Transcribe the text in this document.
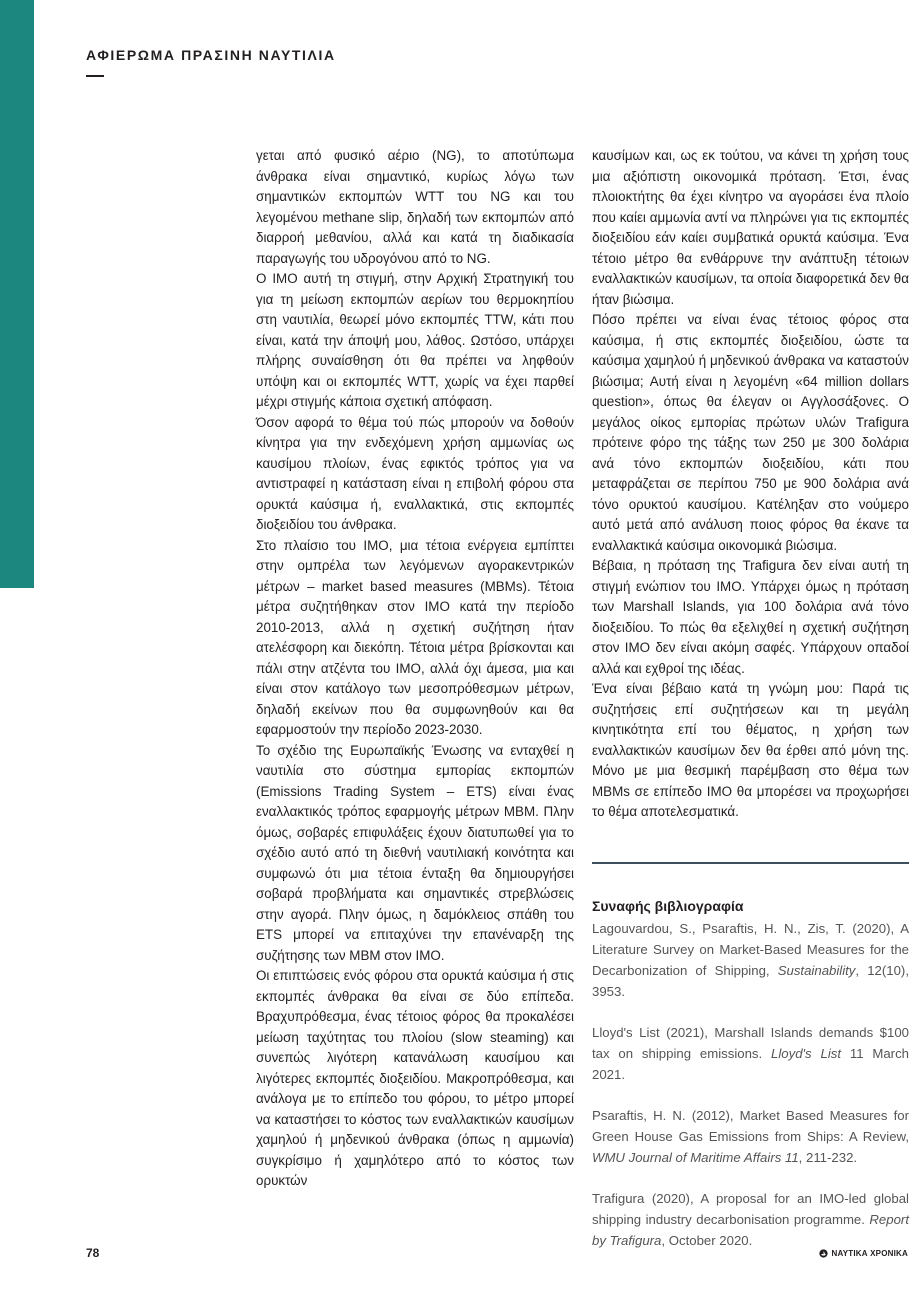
ΑΦΙΕΡΩΜΑ ΠΡΑΣΙΝΗ ΝΑΥΤΙΛΙΑ

γεται από φυσικό αέριο (NG), το αποτύπωμα άνθρακα είναι σημαντικό, κυρίως λόγω των σημαντικών εκπομπών WTT του NG και του λεγομένου methane slip, δηλαδή των εκπομπών από διαρροή μεθανίου, αλλά και κατά τη διαδικασία παραγωγής του υδρογόνου από το NG.

Ο ΙΜΟ αυτή τη στιγμή, στην Αρχική Στρατηγική του για τη μείωση εκπομπών αερίων του θερμοκηπίου στη ναυτιλία, θεωρεί μόνο εκπομπές TTW, κάτι που είναι, κατά την άποψή μου, λάθος. Ωστόσο, υπάρχει πλήρης συναίσθηση ότι θα πρέπει να ληφθούν υπόψη και οι εκπομπές WTT, χωρίς να έχει παρθεί μέχρι στιγμής κάποια σχετική απόφαση.

Όσον αφορά το θέμα τού πώς μπορούν να δοθούν κίνητρα για την ενδεχόμενη χρήση αμμωνίας ως καυσίμου πλοίων, ένας εφικτός τρόπος για να αντιστραφεί η κατάσταση είναι η επιβολή φόρου στα ορυκτά καύσιμα ή, εναλλακτικά, στις εκπομπές διοξειδίου του άνθρακα.

Στο πλαίσιο του ΙΜΟ, μια τέτοια ενέργεια εμπίπτει στην ομπρέλα των λεγόμενων αγορακεντρικών μέτρων – market based measures (MBMs). Τέτοια μέτρα συζητήθηκαν στον ΙΜΟ κατά την περίοδο 2010-2013, αλλά η σχετική συζήτηση ήταν ατελέσφορη και διεκόπη. Τέτοια μέτρα βρίσκονται και πάλι στην ατζέντα του ΙΜΟ, αλλά όχι άμεσα, μια και είναι στον κατάλογο των μεσοπρόθεσμων μέτρων, δηλαδή εκείνων που θα συμφωνηθούν και θα εφαρμοστούν την περίοδο 2023-2030.

Το σχέδιο της Ευρωπαϊκής Ένωσης να ενταχθεί η ναυτιλία στο σύστημα εμπορίας εκπομπών (Emissions Trading System – ETS) είναι ένας εναλλακτικός τρόπος εφαρμογής μέτρων ΜΒΜ. Πλην όμως, σοβαρές επιφυλάξεις έχουν διατυπωθεί για το σχέδιο αυτό από τη διεθνή ναυτιλιακή κοινότητα και συμφωνώ ότι μια τέτοια ένταξη θα δημιουργήσει σοβαρά προβλήματα και σημαντικές στρεβλώσεις στην αγορά. Πλην όμως, η δαμόκλειος σπάθη του ETS μπορεί να επιταχύνει την επανέναρξη της συζήτησης των ΜΒΜ στον ΙΜΟ.

Οι επιπτώσεις ενός φόρου στα ορυκτά καύσιμα ή στις εκπομπές άνθρακα θα είναι σε δύο επίπεδα. Βραχυπρόθεσμα, ένας τέτοιος φόρος θα προκαλέσει μείωση ταχύτητας του πλοίου (slow steaming) και συνεπώς λιγότερη κατανάλωση καυσίμου και λιγότερες εκπομπές διοξειδίου. Μακροπρόθεσμα, και ανάλογα με το επίπεδο του φόρου, το μέτρο μπορεί να καταστήσει το κόστος των εναλλακτικών καυσίμων χαμηλού ή μηδενικού άνθρακα (όπως η αμμωνία) συγκρίσιμο ή χαμηλότερο από το κόστος των ορυκτών

καυσίμων και, ως εκ τούτου, να κάνει τη χρήση τους μια αξιόπιστη οικονομικά πρόταση. Έτσι, ένας πλοιοκτήτης θα έχει κίνητρο να αγοράσει ένα πλοίο που καίει αμμωνία αντί να πληρώνει για τις εκπομπές διοξειδίου εάν καίει συμβατικά ορυκτά καύσιμα. Ένα τέτοιο μέτρο θα ενθάρρυνε την ανάπτυξη τέτοιων εναλλακτικών καυσίμων, τα οποία διαφορετικά δεν θα ήταν βιώσιμα.

Πόσο πρέπει να είναι ένας τέτοιος φόρος στα καύσιμα, ή στις εκπομπές διοξειδίου, ώστε τα καύσιμα χαμηλού ή μηδενικού άνθρακα να καταστούν βιώσιμα; Αυτή είναι η λεγομένη «64 million dollars question», όπως θα έλεγαν οι Αγγλοσάξονες. Ο μεγάλος οίκος εμπορίας πρώτων υλών Trafigura πρότεινε φόρο της τάξης των 250 με 300 δολάρια ανά τόνο εκπομπών διοξειδίου, κάτι που μεταφράζεται σε περίπου 750 με 900 δολάρια ανά τόνο ορυκτού καυσίμου. Κατέληξαν στο νούμερο αυτό μετά από ανάλυση ποιος φόρος θα έκανε τα εναλλακτικά καύσιμα οικονομικά βιώσιμα.

Βέβαια, η πρόταση της Trafigura δεν είναι αυτή τη στιγμή ενώπιον του ΙΜΟ. Υπάρχει όμως η πρόταση των Marshall Islands, για 100 δολάρια ανά τόνο διοξειδίου. Το πώς θα εξελιχθεί η σχετική συζήτηση στον ΙΜΟ δεν είναι ακόμη σαφές. Υπάρχουν οπαδοί αλλά και εχθροί της ιδέας.

Ένα είναι βέβαιο κατά τη γνώμη μου: Παρά τις συζητήσεις επί συζητήσεων και τη μεγάλη κινητικότητα επί του θέματος, η χρήση των εναλλακτικών καυσίμων δεν θα έρθει από μόνη της. Μόνο με μια θεσμική παρέμβαση στο θέμα των MBMs σε επίπεδο ΙΜΟ θα μπορέσει να προχωρήσει το θέμα αποτελεσματικά.

Συναφής βιβλιογραφία

Lagouvardou, S., Psaraftis, H. N., Zis, T. (2020), A Literature Survey on Market-Based Measures for the Decarbonization of Shipping, Sustainability, 12(10), 3953.

Lloyd's List (2021), Marshall Islands demands $100 tax on shipping emissions. Lloyd's List 11 March 2021.

Psaraftis, H. N. (2012), Market Based Measures for Green House Gas Emissions from Ships: A Review, WMU Journal of Maritime Affairs 11, 211-232.

Trafigura (2020), A proposal for an IMO-led global shipping industry decarbonisation programme. Report by Trafigura, October 2020.

78	ΝΑΥΤΙΚΑ ΧΡΟΝΙΚΑ
